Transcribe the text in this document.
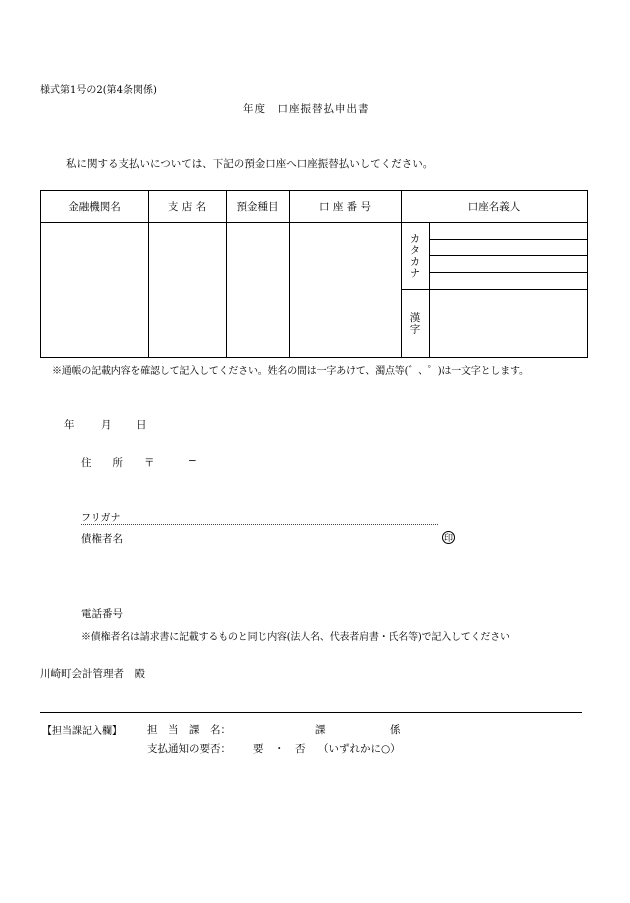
様式第1号の2(第4条関係)
年度　口座振替払申出書
私に関する支払いについては、下記の預金口座へ口座振替払いしてください。
金融機関名	支 店 名	預金種目	口 座 番 号	口座名義人
カタカナ
漢字
※通帳の記載内容を確認して記入してください。姓名の間は一字あけて、濁点等(゛、゜)は一文字とします。
年	月 日
住　　所 〒	−
フリガナ
債権者名	印
電話番号
※債権者名は請求書に記載するものと同じ内容(法人名、代表者肩書・氏名等)で記入してください
川崎町会計管理者　殿
【担当課記入欄】 担　当　課　名：	課	係
支払通知の要否： 要 ・ 否 （いずれかに○）
